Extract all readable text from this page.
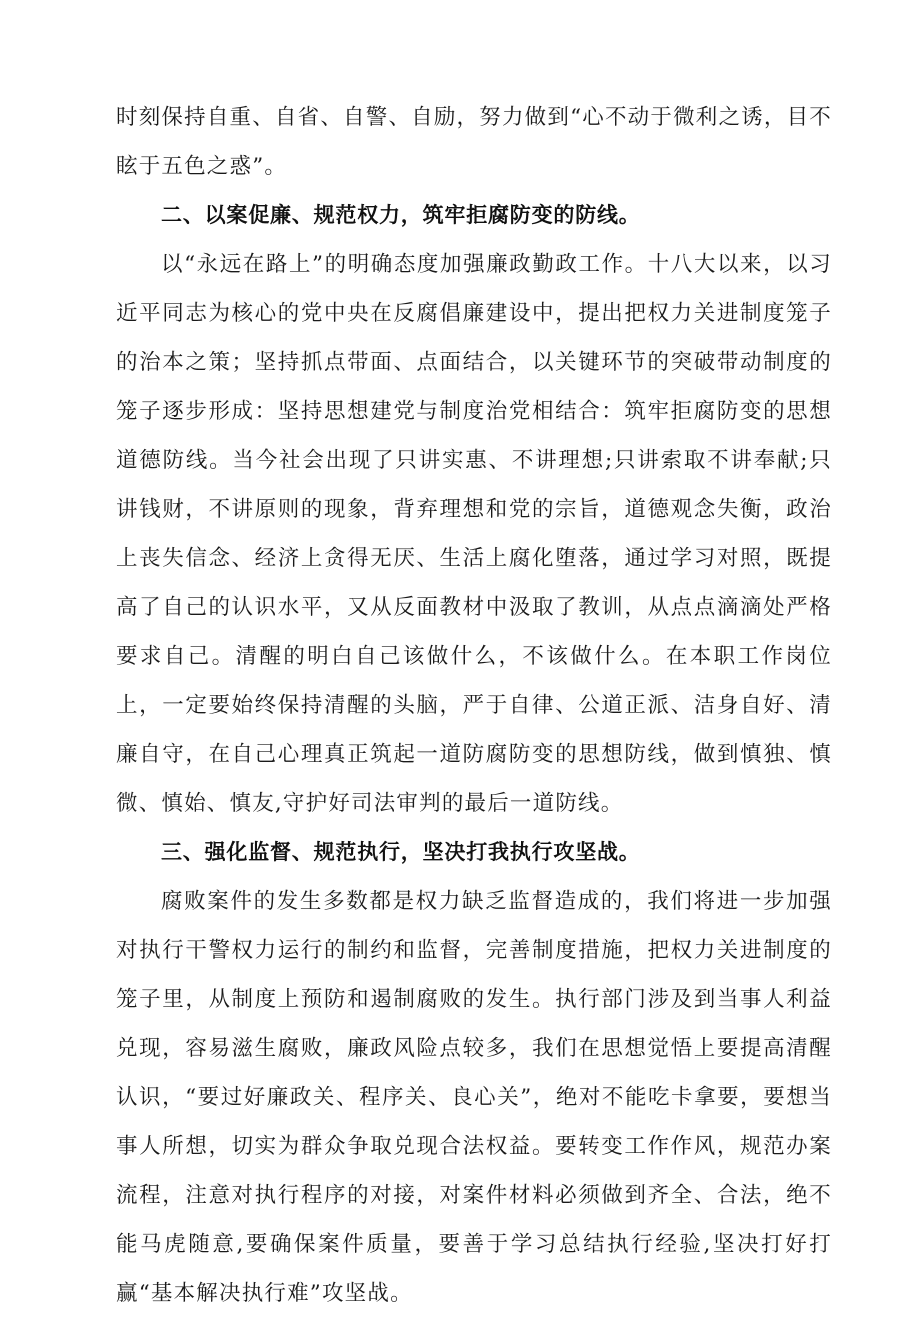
时刻保持自重、自省、自警、自励，努力做到“心不动于微利之诱，目不眩于五色之惑”。

二、以案促廉、规范权力，筑牢拒腐防变的防线。

以“永远在路上”的明确态度加强廉政勤政工作。十八大以来，以习近平同志为核心的党中央在反腐倡廉建设中，提出把权力关进制度笼子的治本之策；坚持抓点带面、点面结合，以关键环节的突破带动制度的笼子逐步形成：坚持思想建党与制度治党相结合：筑牢拒腐防变的思想道德防线。当今社会出现了只讲实惠、不讲理想;只讲索取不讲奉献;只讲钱财，不讲原则的现象，背弃理想和党的宗旨，道德观念失衡，政治上丧失信念、经济上贪得无厌、生活上腐化堕落，通过学习对照，既提高了自己的认识水平，又从反面教材中汲取了教训，从点点滴滴处严格要求自己。清醒的明白自己该做什么，不该做什么。在本职工作岗位上，一定要始终保持清醒的头脑，严于自律、公道正派、洁身自好、清廉自守，在自己心理真正筑起一道防腐防变的思想防线，做到慎独、慎微、慎始、慎友,守护好司法审判的最后一道防线。

三、强化监督、规范执行，坚决打我执行攻坚战。

腐败案件的发生多数都是权力缺乏监督造成的，我们将进一步加强对执行干警权力运行的制约和监督，完善制度措施，把权力关进制度的笼子里，从制度上预防和遏制腐败的发生。执行部门涉及到当事人利益兑现，容易滋生腐败，廉政风险点较多，我们在思想觉悟上要提高清醒认识，“要过好廉政关、程序关、良心关”，绝对不能吃卡拿要，要想当事人所想，切实为群众争取兑现合法权益。要转变工作作风，规范办案流程，注意对执行程序的对接，对案件材料必须做到齐全、合法，绝不能马虎随意,要确保案件质量，要善于学习总结执行经验,坚决打好打赢“基本解决执行难”攻坚战。
